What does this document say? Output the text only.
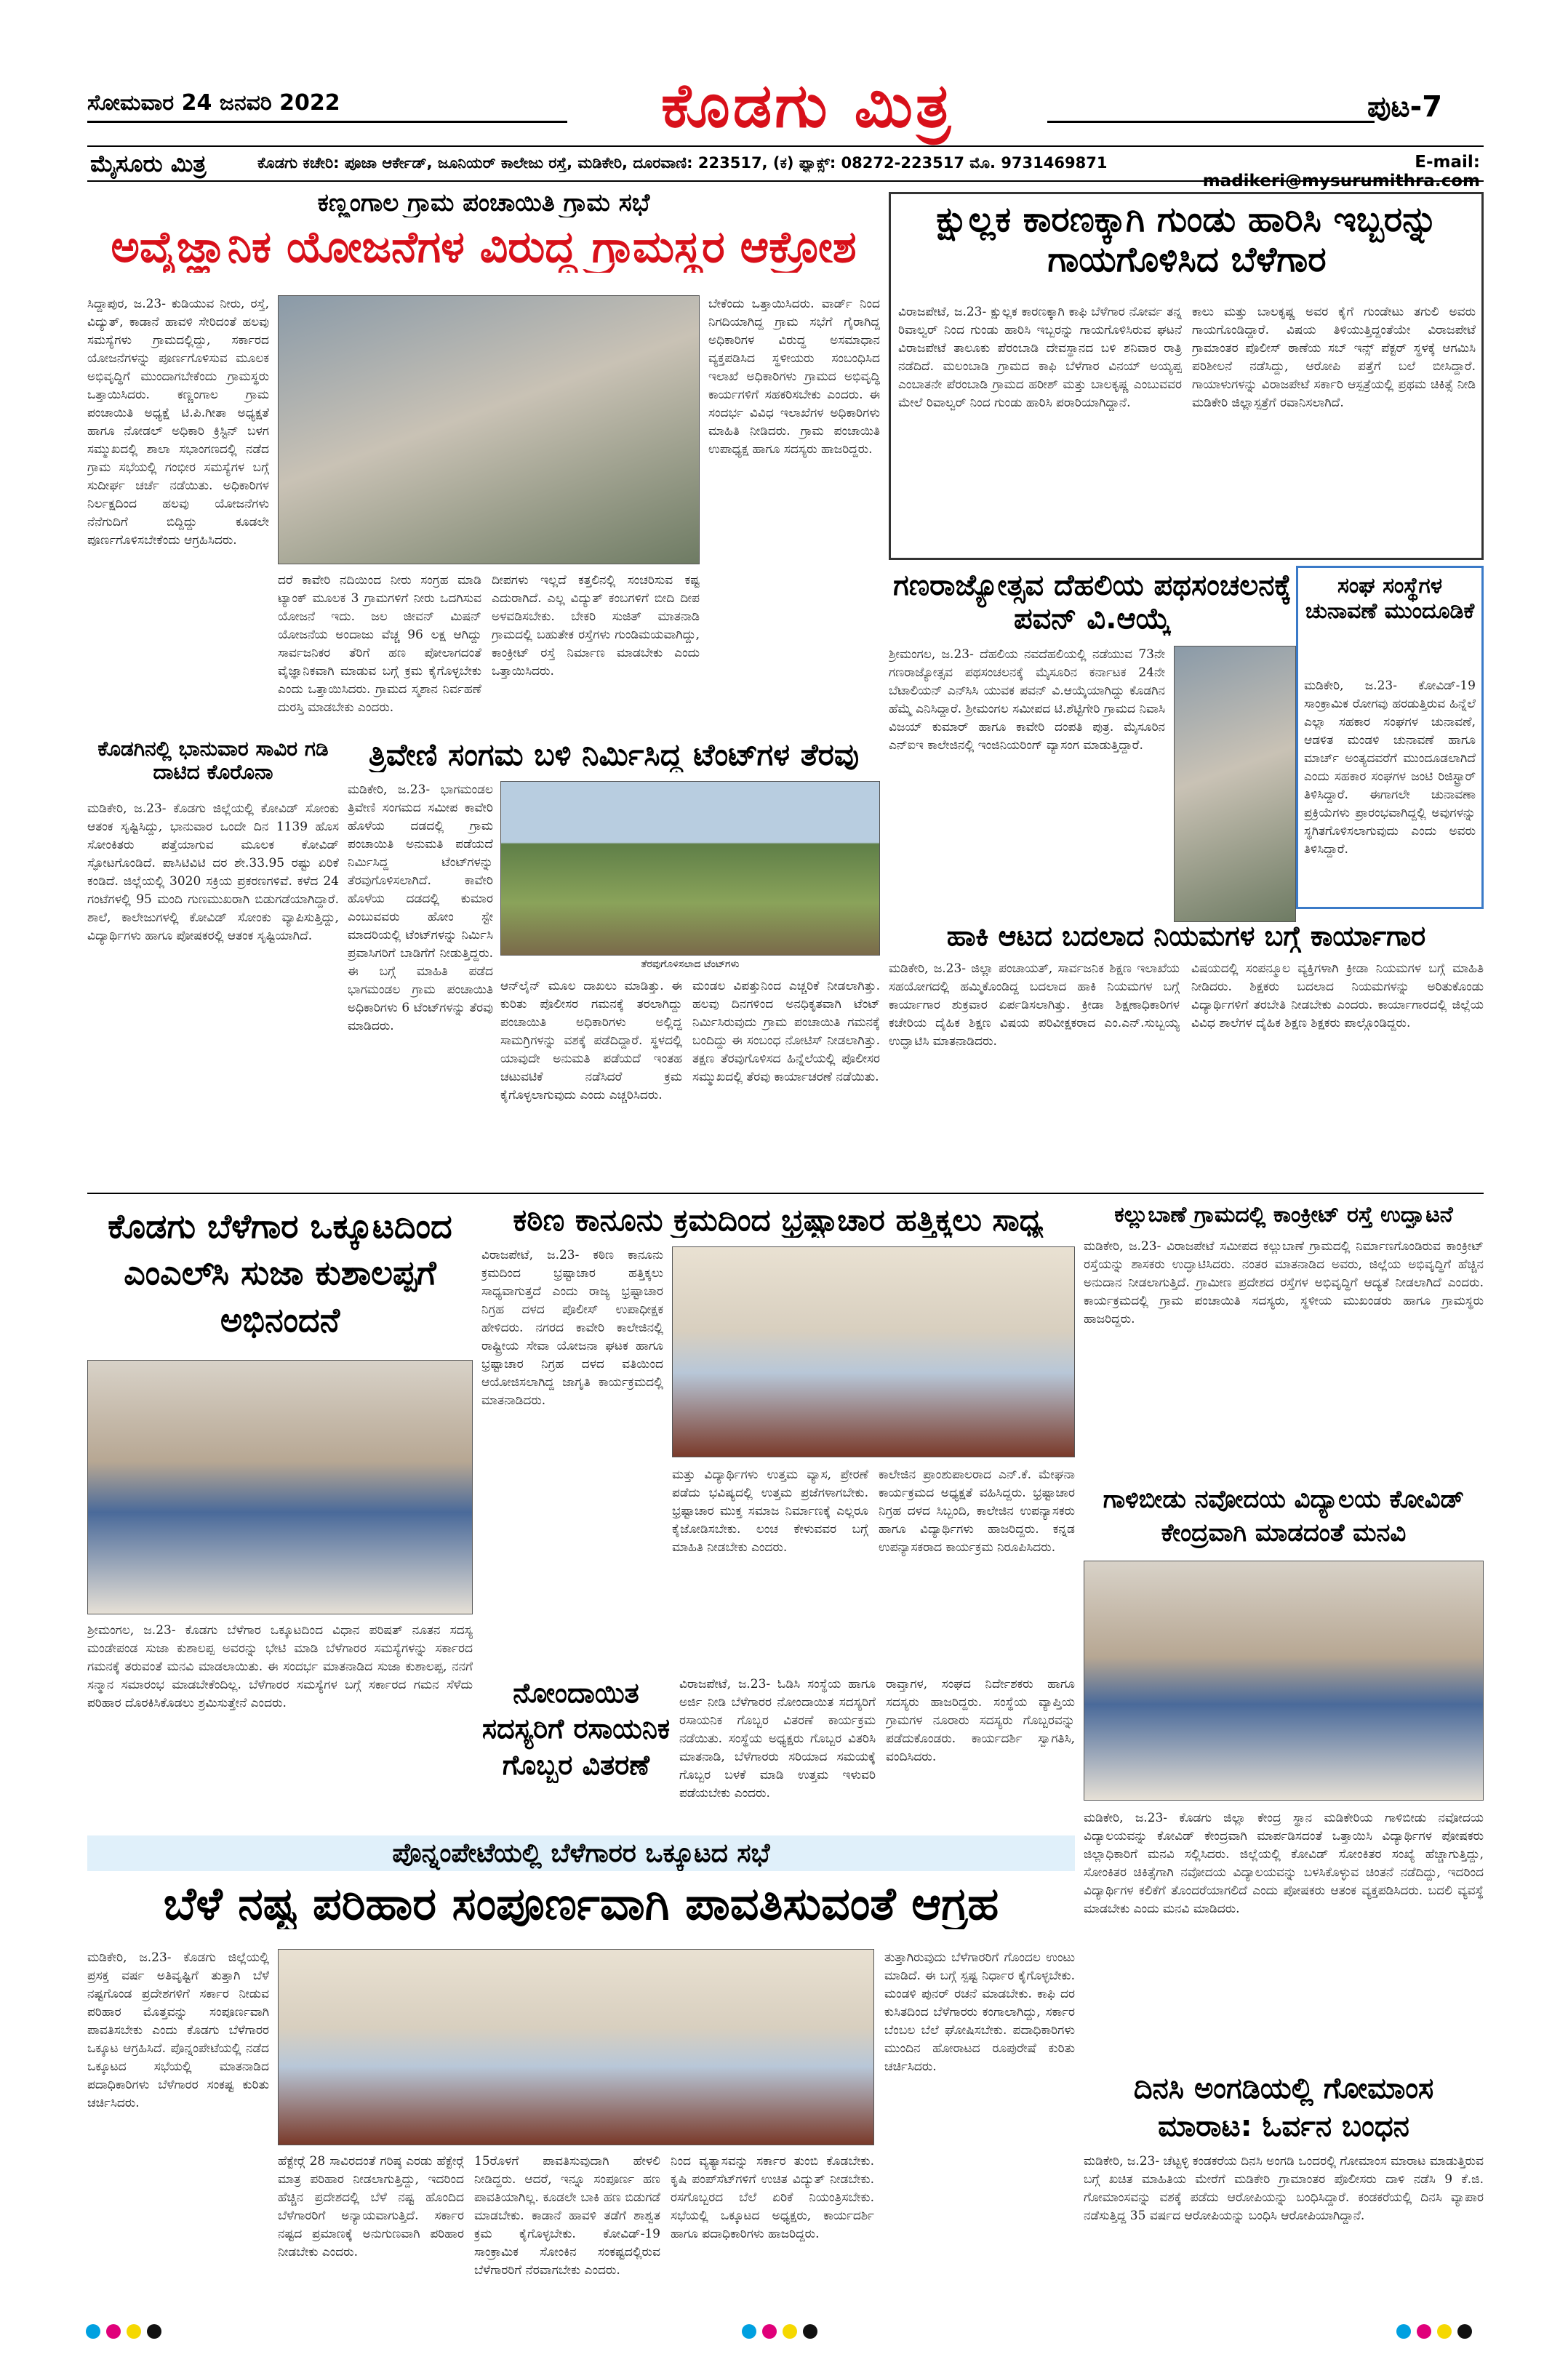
ಸೋಮವಾರ 24 ಜನವರಿ 2022	ಕೊಡಗು ಮಿತ್ರ	ಪುಟ-7
ಮೈಸೂರು ಮಿತ್ರ	ಕೊಡಗು ಕಚೇರಿ: ಪೂಜಾ ಆರ್ಕೇಡ್, ಜೂನಿಯರ್ ಕಾಲೇಜು ರಸ್ತೆ, ಮಡಿಕೇರಿ, ದೂರವಾಣಿ: 223517, (ಕ) ಫ್ಯಾಕ್ಸ್: 08272-223517 ಮೊ. 9731469871	E-mail: madikeri@mysurumithra.com
ಕಣ್ಣಂಗಾಲ ಗ್ರಾಮ ಪಂಚಾಯಿತಿ ಗ್ರಾಮ ಸಭೆ
ಅವೈಜ್ಞಾನಿಕ ಯೋಜನೆಗಳ ವಿರುದ್ಧ ಗ್ರಾಮಸ್ಥರ ಆಕ್ರೋಶ
ಸಿದ್ದಾಪುರ, ಜ.23- ಕುಡಿಯುವ ನೀರು, ರಸ್ತೆ, ವಿದ್ಯುತ್, ಕಾಡಾನೆ ಹಾವಳಿ ಸೇರಿದಂತೆ ಹಲವು ಸಮಸ್ಯೆಗಳು ಗ್ರಾಮದಲ್ಲಿದ್ದು, ಸರ್ಕಾರದ ಯೋಜನೆಗಳನ್ನು ಪೂರ್ಣಗೊಳಿಸುವ ಮೂಲಕ ಅಭಿವೃದ್ಧಿಗೆ ಮುಂದಾಗಬೇಕೆಂದು ಗ್ರಾಮಸ್ಥರು ಒತ್ತಾಯಿಸಿದರು. ಕಣ್ಣಂಗಾಲ ಗ್ರಾಮ ಪಂಚಾಯಿತಿ ಅಧ್ಯಕ್ಷೆ ಟಿ.ಪಿ.ಗೀತಾ ಅಧ್ಯಕ್ಷತೆ ಹಾಗೂ ನೋಡಲ್ ಅಧಿಕಾರಿ ಕ್ರಿಸ್ಟಿನ್ ಬಳಗ ಸಮ್ಮುಖದಲ್ಲಿ ಶಾಲಾ ಸಭಾಂಗಣದಲ್ಲಿ ನಡೆದ ಗ್ರಾಮ ಸಭೆಯಲ್ಲಿ ಗಂಭೀರ ಸಮಸ್ಯೆಗಳ ಬಗ್ಗೆ ಸುದೀರ್ಘ ಚರ್ಚೆ ನಡೆಯಿತು. ಅಧಿಕಾರಿಗಳ ನಿರ್ಲಕ್ಷದಿಂದ ಹಲವು ಯೋಜನೆಗಳು ನೆನೆಗುದಿಗೆ ಬಿದ್ದಿದ್ದು ಕೂಡಲೇ ಪೂರ್ಣಗೊಳಿಸಬೇಕೆಂದು ಆಗ್ರಹಿಸಿದರು.
ದರೆ ಕಾವೇರಿ ನದಿಯಿಂದ ನೀರು ಸಂಗ್ರಹ ಮಾಡಿ ಟ್ಯಾಂಕ್ ಮೂಲಕ 3 ಗ್ರಾಮಗಳಿಗೆ ನೀರು ಒದಗಿಸುವ ಯೋಜನೆ ಇದು. ಜಲ ಜೀವನ್ ಮಿಷನ್ ಯೋಜನೆಯ ಅಂದಾಜು ವೆಚ್ಚ 96 ಲಕ್ಷ ಆಗಿದ್ದು ಸಾರ್ವಜನಿಕರ ತೆರಿಗೆ ಹಣ ಪೋಲಾಗದಂತೆ ವೈಜ್ಞಾನಿಕವಾಗಿ ಮಾಡುವ ಬಗ್ಗೆ ಕ್ರಮ ಕೈಗೊಳ್ಳಬೇಕು ಎಂದು ಒತ್ತಾಯಿಸಿದರು. ಗ್ರಾಮದ ಸ್ಮಶಾನ ನಿರ್ವಹಣೆ ದುರಸ್ತಿ ಮಾಡಬೇಕು ಎಂದರು.
ದೀಪಗಳು ಇಲ್ಲದೆ ಕತ್ತಲಿನಲ್ಲಿ ಸಂಚರಿಸುವ ಕಷ್ಟ ಎದುರಾಗಿದೆ. ಎಲ್ಲ ವಿದ್ಯುತ್ ಕಂಬಗಳಿಗೆ ಬೀದಿ ದೀಪ ಅಳವಡಿಸಬೇಕು. ಬೇಕರಿ ಸುಜಿತ್ ಮಾತನಾಡಿ ಗ್ರಾಮದಲ್ಲಿ ಬಹುತೇಕ ರಸ್ತೆಗಳು ಗುಂಡಿಮಯವಾಗಿದ್ದು, ಕಾಂಕ್ರೀಟ್ ರಸ್ತೆ ನಿರ್ಮಾಣ ಮಾಡಬೇಕು ಎಂದು ಒತ್ತಾಯಿಸಿದರು.
ಬೇಕೆಂದು ಒತ್ತಾಯಿಸಿದರು. ವಾರ್ಡ್ ನಿಂದ ನಿಗದಿಯಾಗಿದ್ದ ಗ್ರಾಮ ಸಭೆಗೆ ಗೈರಾಗಿದ್ದ ಅಧಿಕಾರಿಗಳ ವಿರುದ್ಧ ಅಸಮಾಧಾನ ವ್ಯಕ್ತಪಡಿಸಿದ ಸ್ಥಳೀಯರು ಸಂಬಂಧಿಸಿದ ಇಲಾಖೆ ಅಧಿಕಾರಿಗಳು ಗ್ರಾಮದ ಅಭಿವೃದ್ಧಿ ಕಾರ್ಯಗಳಿಗೆ ಸಹಕರಿಸಬೇಕು ಎಂದರು. ಈ ಸಂದರ್ಭ ವಿವಿಧ ಇಲಾಖೆಗಳ ಅಧಿಕಾರಿಗಳು ಮಾಹಿತಿ ನೀಡಿದರು. ಗ್ರಾಮ ಪಂಚಾಯಿತಿ ಉಪಾಧ್ಯಕ್ಷ ಹಾಗೂ ಸದಸ್ಯರು ಹಾಜರಿದ್ದರು.
ಕ್ಷುಲ್ಲಕ ಕಾರಣಕ್ಕಾಗಿ ಗುಂಡು ಹಾರಿಸಿ ಇಬ್ಬರನ್ನು ಗಾಯಗೊಳಿಸಿದ ಬೆಳೆಗಾರ
ವಿರಾಜಪೇಟೆ, ಜ.23- ಕ್ಷುಲ್ಲಕ ಕಾರಣಕ್ಕಾಗಿ ಕಾಫಿ ಬೆಳೆಗಾರ ನೋರ್ವ ತನ್ನ ರಿವಾಲ್ವರ್ ನಿಂದ ಗುಂಡು ಹಾರಿಸಿ ಇಬ್ಬರನ್ನು ಗಾಯಗೊಳಿಸಿರುವ ಘಟನೆ ವಿರಾಜಪೇಟೆ ತಾಲೂಕು ಪೆರಂಬಾಡಿ ದೇವಸ್ಥಾನದ ಬಳಿ ಶನಿವಾರ ರಾತ್ರಿ ನಡೆದಿದೆ. ಮಲಂಬಾಡಿ ಗ್ರಾಮದ ಕಾಫಿ ಬೆಳೆಗಾರ ವಿನಯ್ ಅಯ್ಯಪ್ಪ ಎಂಬಾತನೇ ಪೆರಂಬಾಡಿ ಗ್ರಾಮದ ಹರೀಶ್ ಮತ್ತು ಬಾಲಕೃಷ್ಣ ಎಂಬುವವರ ಮೇಲೆ ರಿವಾಲ್ವರ್ ನಿಂದ ಗುಂಡು ಹಾರಿಸಿ ಪರಾರಿಯಾಗಿದ್ದಾನೆ.
ಕಾಲು ಮತ್ತು ಬಾಲಕೃಷ್ಣ ಅವರ ಕೈಗೆ ಗುಂಡೇಟು ತಗುಲಿ ಅವರು ಗಾಯಗೊಂಡಿದ್ದಾರೆ. ವಿಷಯ ತಿಳಿಯುತ್ತಿದ್ದಂತೆಯೇ ವಿರಾಜಪೇಟೆ ಗ್ರಾಮಾಂತರ ಪೊಲೀಸ್ ಠಾಣೆಯ ಸಬ್ ಇನ್ಸ್ ಪೆಕ್ಟರ್ ಸ್ಥಳಕ್ಕೆ ಆಗಮಿಸಿ ಪರಿಶೀಲನೆ ನಡೆಸಿದ್ದು, ಆರೋಪಿ ಪತ್ತೆಗೆ ಬಲೆ ಬೀಸಿದ್ದಾರೆ. ಗಾಯಾಳುಗಳನ್ನು ವಿರಾಜಪೇಟೆ ಸರ್ಕಾರಿ ಆಸ್ಪತ್ರೆಯಲ್ಲಿ ಪ್ರಥಮ ಚಿಕಿತ್ಸೆ ನೀಡಿ ಮಡಿಕೇರಿ ಜಿಲ್ಲಾಸ್ಪತ್ರೆಗೆ ರವಾನಿಸಲಾಗಿದೆ.
ಗಣರಾಜ್ಯೋತ್ಸವ ದೆಹಲಿಯ ಪಥಸಂಚಲನಕ್ಕೆ ಪವನ್ ವಿ.ಆಯ್ಕೆ
ಶ್ರೀಮಂಗಲ, ಜ.23- ದೆಹಲಿಯ ನವದೆಹಲಿಯಲ್ಲಿ ನಡೆಯುವ 73ನೇ ಗಣರಾಜ್ಯೋತ್ಸವ ಪಥಸಂಚಲನಕ್ಕೆ ಮೈಸೂರಿನ ಕರ್ನಾಟಕ 24ನೇ ಬೆಟಾಲಿಯನ್ ಎನ್‍ಸಿಸಿ ಯುವಕ ಪವನ್ ವಿ.ಆಯ್ಕೆಯಾಗಿದ್ದು ಕೊಡಗಿನ ಹೆಮ್ಮೆ ಎನಿಸಿದ್ದಾರೆ. ಶ್ರೀಮಂಗಲ ಸಮೀಪದ ಟಿ.ಶೆಟ್ಟಿಗೇರಿ ಗ್ರಾಮದ ನಿವಾಸಿ ವಿಜಯ್ ಕುಮಾರ್ ಹಾಗೂ ಕಾವೇರಿ ದಂಪತಿ ಪುತ್ರ. ಮೈಸೂರಿನ ಎನ್‍ಐಇ ಕಾಲೇಜಿನಲ್ಲಿ ಇಂಜಿನಿಯರಿಂಗ್ ವ್ಯಾಸಂಗ ಮಾಡುತ್ತಿದ್ದಾರೆ.
ಸಂಘ ಸಂಸ್ಥೆಗಳ ಚುನಾವಣೆ ಮುಂದೂಡಿಕೆ
ಮಡಿಕೇರಿ, ಜ.23- ಕೋವಿಡ್-19 ಸಾಂಕ್ರಾಮಿಕ ರೋಗವು ಹರಡುತ್ತಿರುವ ಹಿನ್ನೆಲೆ ಎಲ್ಲಾ ಸಹಕಾರ ಸಂಘಗಳ ಚುನಾವಣೆ, ಆಡಳಿತ ಮಂಡಳಿ ಚುನಾವಣೆ ಹಾಗೂ ಮಾರ್ಚ್ ಅಂತ್ಯದವರೆಗೆ ಮುಂದೂಡಲಾಗಿದೆ ಎಂದು ಸಹಕಾರ ಸಂಘಗಳ ಜಂಟಿ ರಿಜಿಸ್ಟ್ರಾರ್ ತಿಳಿಸಿದ್ದಾರೆ. ಈಗಾಗಲೇ ಚುನಾವಣಾ ಪ್ರಕ್ರಿಯೆಗಳು ಪ್ರಾರಂಭವಾಗಿದ್ದಲ್ಲಿ ಅವುಗಳನ್ನು ಸ್ಥಗಿತಗೊಳಿಸಲಾಗುವುದು ಎಂದು ಅವರು ತಿಳಿಸಿದ್ದಾರೆ.
ಕೊಡಗಿನಲ್ಲಿ ಭಾನುವಾರ ಸಾವಿರ ಗಡಿ ದಾಟಿದ ಕೊರೊನಾ
ಮಡಿಕೇರಿ, ಜ.23- ಕೊಡಗು ಜಿಲ್ಲೆಯಲ್ಲಿ ಕೋವಿಡ್ ಸೋಂಕು ಆತಂಕ ಸೃಷ್ಟಿಸಿದ್ದು, ಭಾನುವಾರ ಒಂದೇ ದಿನ 1139 ಹೊಸ ಸೋಂಕಿತರು ಪತ್ತೆಯಾಗುವ ಮೂಲಕ ಕೋವಿಡ್ ಸ್ಫೋಟಗೊಂಡಿದೆ. ಪಾಸಿಟಿವಿಟಿ ದರ ಶೇ.33.95 ರಷ್ಟು ಏರಿಕೆ ಕಂಡಿದೆ. ಜಿಲ್ಲೆಯಲ್ಲಿ 3020 ಸಕ್ರಿಯ ಪ್ರಕರಣಗಳಿವೆ. ಕಳೆದ 24 ಗಂಟೆಗಳಲ್ಲಿ 95 ಮಂದಿ ಗುಣಮುಖರಾಗಿ ಬಿಡುಗಡೆಯಾಗಿದ್ದಾರೆ. ಶಾಲೆ, ಕಾಲೇಜುಗಳಲ್ಲಿ ಕೋವಿಡ್ ಸೋಂಕು ವ್ಯಾಪಿಸುತ್ತಿದ್ದು, ವಿದ್ಯಾರ್ಥಿಗಳು ಹಾಗೂ ಪೋಷಕರಲ್ಲಿ ಆತಂಕ ಸೃಷ್ಟಿಯಾಗಿದೆ.
ತ್ರಿವೇಣಿ ಸಂಗಮ ಬಳಿ ನಿರ್ಮಿಸಿದ್ದ ಟೆಂಟ್‍ಗಳ ತೆರವು
ಮಡಿಕೇರಿ, ಜ.23- ಭಾಗಮಂಡಲ ತ್ರಿವೇಣಿ ಸಂಗಮದ ಸಮೀಪ ಕಾವೇರಿ ಹೊಳೆಯ ದಡದಲ್ಲಿ ಗ್ರಾಮ ಪಂಚಾಯಿತಿ ಅನುಮತಿ ಪಡೆಯದೆ ನಿರ್ಮಿಸಿದ್ದ ಟೆಂಟ್‍ಗಳನ್ನು ತೆರವುಗೊಳಿಸಲಾಗಿದೆ. ಕಾವೇರಿ ಹೊಳೆಯ ದಡದಲ್ಲಿ ಕುಮಾರ ಎಂಬುವವರು ಹೋಂ ಸ್ಟೇ ಮಾದರಿಯಲ್ಲಿ ಟೆಂಟ್‍ಗಳನ್ನು ನಿರ್ಮಿಸಿ ಪ್ರವಾಸಿಗರಿಗೆ ಬಾಡಿಗೆಗೆ ನೀಡುತ್ತಿದ್ದರು. ಈ ಬಗ್ಗೆ ಮಾಹಿತಿ ಪಡೆದ ಭಾಗಮಂಡಲ ಗ್ರಾಮ ಪಂಚಾಯಿತಿ ಅಧಿಕಾರಿಗಳು 6 ಟೆಂಟ್‍ಗಳನ್ನು ತೆರವು ಮಾಡಿದರು.
ತೆರವುಗೊಳಿಸಲಾದ ಟೆಂಟ್‍ಗಳು
ಆನ್‍ಲೈನ್ ಮೂಲ ದಾಖಲು ಮಾಡಿತ್ತು. ಈ ಕುರಿತು ಪೊಲೀಸರ ಗಮನಕ್ಕೆ ತರಲಾಗಿದ್ದು ಪಂಚಾಯಿತಿ ಅಧಿಕಾರಿಗಳು ಅಲ್ಲಿದ್ದ ಸಾಮಗ್ರಿಗಳನ್ನು ವಶಕ್ಕೆ ಪಡೆದಿದ್ದಾರೆ. ಸ್ಥಳದಲ್ಲಿ ಯಾವುದೇ ಅನುಮತಿ ಪಡೆಯದೆ ಇಂತಹ ಚಟುವಟಿಕೆ ನಡೆಸಿದರೆ ಕ್ರಮ ಕೈಗೊಳ್ಳಲಾಗುವುದು ಎಂದು ಎಚ್ಚರಿಸಿದರು.
ಮಂಡಲ ವಿಪತ್ತುನಿಂದ ಎಚ್ಚರಿಕೆ ನೀಡಲಾಗಿತ್ತು. ಹಲವು ದಿನಗಳಿಂದ ಅನಧಿಕೃತವಾಗಿ ಟೆಂಟ್ ನಿರ್ಮಿಸಿರುವುದು ಗ್ರಾಮ ಪಂಚಾಯಿತಿ ಗಮನಕ್ಕೆ ಬಂದಿದ್ದು ಈ ಸಂಬಂಧ ನೋಟಿಸ್ ನೀಡಲಾಗಿತ್ತು. ತಕ್ಷಣ ತೆರವುಗೊಳಿಸದ ಹಿನ್ನೆಲೆಯಲ್ಲಿ ಪೊಲೀಸರ ಸಮ್ಮುಖದಲ್ಲಿ ತೆರವು ಕಾರ್ಯಾಚರಣೆ ನಡೆಯಿತು.
ಹಾಕಿ ಆಟದ ಬದಲಾದ ನಿಯಮಗಳ ಬಗ್ಗೆ ಕಾರ್ಯಾಗಾರ
ಮಡಿಕೇರಿ, ಜ.23- ಜಿಲ್ಲಾ ಪಂಚಾಯತ್, ಸಾರ್ವಜನಿಕ ಶಿಕ್ಷಣ ಇಲಾಖೆಯ ಸಹಯೋಗದಲ್ಲಿ ಹಮ್ಮಿಕೊಂಡಿದ್ದ ಬದಲಾದ ಹಾಕಿ ನಿಯಮಗಳ ಬಗ್ಗೆ ಕಾರ್ಯಾಗಾರ ಶುಕ್ರವಾರ ಏರ್ಪಡಿಸಲಾಗಿತ್ತು. ಕ್ರೀಡಾ ಶಿಕ್ಷಣಾಧಿಕಾರಿಗಳ ಕಚೇರಿಯ ದೈಹಿಕ ಶಿಕ್ಷಣ ವಿಷಯ ಪರಿವೀಕ್ಷಕರಾದ ಎಂ.ಎನ್.ಸುಬ್ಬಯ್ಯ ಉದ್ಘಾಟಿಸಿ ಮಾತನಾಡಿದರು.
ವಿಷಯದಲ್ಲಿ ಸಂಪನ್ಮೂಲ ವ್ಯಕ್ತಿಗಳಾಗಿ ಕ್ರೀಡಾ ನಿಯಮಗಳ ಬಗ್ಗೆ ಮಾಹಿತಿ ನೀಡಿದರು. ಶಿಕ್ಷಕರು ಬದಲಾದ ನಿಯಮಗಳನ್ನು ಅರಿತುಕೊಂಡು ವಿದ್ಯಾರ್ಥಿಗಳಿಗೆ ತರಬೇತಿ ನೀಡಬೇಕು ಎಂದರು. ಕಾರ್ಯಾಗಾರದಲ್ಲಿ ಜಿಲ್ಲೆಯ ವಿವಿಧ ಶಾಲೆಗಳ ದೈಹಿಕ ಶಿಕ್ಷಣ ಶಿಕ್ಷಕರು ಪಾಲ್ಗೊಂಡಿದ್ದರು.
ಕೊಡಗು ಬೆಳೆಗಾರ ಒಕ್ಕೂಟದಿಂದ ಎಂಎಲ್‍ಸಿ ಸುಜಾ ಕುಶಾಲಪ್ಪಗೆ ಅಭಿನಂದನೆ
ಶ್ರೀಮಂಗಲ, ಜ.23- ಕೊಡಗು ಬೆಳೆಗಾರ ಒಕ್ಕೂಟದಿಂದ ವಿಧಾನ ಪರಿಷತ್ ನೂತನ ಸದಸ್ಯ ಮಂಡೇಪಂಡ ಸುಜಾ ಕುಶಾಲಪ್ಪ ಅವರನ್ನು ಭೇಟಿ ಮಾಡಿ ಬೆಳೆಗಾರರ ಸಮಸ್ಯೆಗಳನ್ನು ಸರ್ಕಾರದ ಗಮನಕ್ಕೆ ತರುವಂತೆ ಮನವಿ ಮಾಡಲಾಯಿತು. ಈ ಸಂದರ್ಭ ಮಾತನಾಡಿದ ಸುಜಾ ಕುಶಾಲಪ್ಪ, ನನಗೆ ಸನ್ಮಾನ ಸಮಾರಂಭ ಮಾಡಬೇಕೆಂದಿಲ್ಲ. ಬೆಳೆಗಾರರ ಸಮಸ್ಯೆಗಳ ಬಗ್ಗೆ ಸರ್ಕಾರದ ಗಮನ ಸೆಳೆದು ಪರಿಹಾರ ದೊರಕಿಸಿಕೊಡಲು ಶ್ರಮಿಸುತ್ತೇನೆ ಎಂದರು.
ಕಠಿಣ ಕಾನೂನು ಕ್ರಮದಿಂದ ಭ್ರಷ್ಟಾಚಾರ ಹತ್ತಿಕ್ಕಲು ಸಾಧ್ಯ
ವಿರಾಜಪೇಟೆ, ಜ.23- ಕಠಿಣ ಕಾನೂನು ಕ್ರಮದಿಂದ ಭ್ರಷ್ಟಾಚಾರ ಹತ್ತಿಕ್ಕಲು ಸಾಧ್ಯವಾಗುತ್ತದೆ ಎಂದು ರಾಜ್ಯ ಭ್ರಷ್ಟಾಚಾರ ನಿಗ್ರಹ ದಳದ ಪೊಲೀಸ್ ಉಪಾಧೀಕ್ಷಕ ಹೇಳಿದರು. ನಗರದ ಕಾವೇರಿ ಕಾಲೇಜಿನಲ್ಲಿ ರಾಷ್ಟ್ರೀಯ ಸೇವಾ ಯೋಜನಾ ಘಟಕ ಹಾಗೂ ಭ್ರಷ್ಟಾಚಾರ ನಿಗ್ರಹ ದಳದ ವತಿಯಿಂದ ಆಯೋಜಿಸಲಾಗಿದ್ದ ಜಾಗೃತಿ ಕಾರ್ಯಕ್ರಮದಲ್ಲಿ ಮಾತನಾಡಿದರು.
ಮತ್ತು ವಿದ್ಯಾರ್ಥಿಗಳು ಉತ್ತಮ ವ್ಯಾಸ, ಪ್ರೇರಣೆ ಪಡೆದು ಭವಿಷ್ಯದಲ್ಲಿ ಉತ್ತಮ ಪ್ರಜೆಗಳಾಗಬೇಕು. ಭ್ರಷ್ಟಾಚಾರ ಮುಕ್ತ ಸಮಾಜ ನಿರ್ಮಾಣಕ್ಕೆ ಎಲ್ಲರೂ ಕೈಜೋಡಿಸಬೇಕು. ಲಂಚ ಕೇಳುವವರ ಬಗ್ಗೆ ಮಾಹಿತಿ ನೀಡಬೇಕು ಎಂದರು.
ಕಾಲೇಜಿನ ಪ್ರಾಂಶುಪಾಲರಾದ ಎನ್.ಕೆ. ಮೇಘನಾ ಕಾರ್ಯಕ್ರಮದ ಅಧ್ಯಕ್ಷತೆ ವಹಿಸಿದ್ದರು. ಭ್ರಷ್ಟಾಚಾರ ನಿಗ್ರಹ ದಳದ ಸಿಬ್ಬಂದಿ, ಕಾಲೇಜಿನ ಉಪನ್ಯಾಸಕರು ಹಾಗೂ ವಿದ್ಯಾರ್ಥಿಗಳು ಹಾಜರಿದ್ದರು. ಕನ್ನಡ ಉಪನ್ಯಾಸಕರಾದ ಕಾರ್ಯಕ್ರಮ ನಿರೂಪಿಸಿದರು.
ಕಲ್ಲುಬಾಣೆ ಗ್ರಾಮದಲ್ಲಿ ಕಾಂಕ್ರೀಟ್ ರಸ್ತೆ ಉದ್ಘಾಟನೆ
ಮಡಿಕೇರಿ, ಜ.23- ವಿರಾಜಪೇಟೆ ಸಮೀಪದ ಕಲ್ಲುಬಾಣೆ ಗ್ರಾಮದಲ್ಲಿ ನಿರ್ಮಾಣಗೊಂಡಿರುವ ಕಾಂಕ್ರೀಟ್ ರಸ್ತೆಯನ್ನು ಶಾಸಕರು ಉದ್ಘಾಟಿಸಿದರು. ನಂತರ ಮಾತನಾಡಿದ ಅವರು, ಜಿಲ್ಲೆಯ ಅಭಿವೃದ್ಧಿಗೆ ಹೆಚ್ಚಿನ ಅನುದಾನ ನೀಡಲಾಗುತ್ತಿದೆ. ಗ್ರಾಮೀಣ ಪ್ರದೇಶದ ರಸ್ತೆಗಳ ಅಭಿವೃದ್ಧಿಗೆ ಆದ್ಯತೆ ನೀಡಲಾಗಿದೆ ಎಂದರು. ಕಾರ್ಯಕ್ರಮದಲ್ಲಿ ಗ್ರಾಮ ಪಂಚಾಯಿತಿ ಸದಸ್ಯರು, ಸ್ಥಳೀಯ ಮುಖಂಡರು ಹಾಗೂ ಗ್ರಾಮಸ್ಥರು ಹಾಜರಿದ್ದರು.
ಗಾಳಿಬೀಡು ನವೋದಯ ವಿದ್ಯಾಲಯ ಕೋವಿಡ್ ಕೇಂದ್ರವಾಗಿ ಮಾಡದಂತೆ ಮನವಿ
ಮಡಿಕೇರಿ, ಜ.23- ಕೊಡಗು ಜಿಲ್ಲಾ ಕೇಂದ್ರ ಸ್ಥಾನ ಮಡಿಕೇರಿಯ ಗಾಳಿಬೀಡು ನವೋದಯ ವಿದ್ಯಾಲಯವನ್ನು ಕೋವಿಡ್ ಕೇಂದ್ರವಾಗಿ ಮಾರ್ಪಡಿಸದಂತೆ ಒತ್ತಾಯಿಸಿ ವಿದ್ಯಾರ್ಥಿಗಳ ಪೋಷಕರು ಜಿಲ್ಲಾಧಿಕಾರಿಗೆ ಮನವಿ ಸಲ್ಲಿಸಿದರು. ಜಿಲ್ಲೆಯಲ್ಲಿ ಕೋವಿಡ್ ಸೋಂಕಿತರ ಸಂಖ್ಯೆ ಹೆಚ್ಚಾಗುತ್ತಿದ್ದು, ಸೋಂಕಿತರ ಚಿಕಿತ್ಸೆಗಾಗಿ ನವೋದಯ ವಿದ್ಯಾಲಯವನ್ನು ಬಳಸಿಕೊಳ್ಳುವ ಚಿಂತನೆ ನಡೆದಿದ್ದು, ಇದರಿಂದ ವಿದ್ಯಾರ್ಥಿಗಳ ಕಲಿಕೆಗೆ ತೊಂದರೆಯಾಗಲಿದೆ ಎಂದು ಪೋಷಕರು ಆತಂಕ ವ್ಯಕ್ತಪಡಿಸಿದರು. ಬದಲಿ ವ್ಯವಸ್ಥೆ ಮಾಡಬೇಕು ಎಂದು ಮನವಿ ಮಾಡಿದರು.
ನೋಂದಾಯಿತ ಸದಸ್ಯರಿಗೆ ರಸಾಯನಿಕ ಗೊಬ್ಬರ ವಿತರಣೆ
ವಿರಾಜಪೇಟೆ, ಜ.23- ಓಡಿಸಿ ಸಂಸ್ಥೆಯ ಹಾಗೂ ಅರ್ಜಿ ನೀಡಿ ಬೆಳೆಗಾರರ ನೋಂದಾಯಿತ ಸದಸ್ಯರಿಗೆ ರಸಾಯನಿಕ ಗೊಬ್ಬರ ವಿತರಣೆ ಕಾರ್ಯಕ್ರಮ ನಡೆಯಿತು. ಸಂಸ್ಥೆಯ ಅಧ್ಯಕ್ಷರು ಗೊಬ್ಬರ ವಿತರಿಸಿ ಮಾತನಾಡಿ, ಬೆಳೆಗಾರರು ಸರಿಯಾದ ಸಮಯಕ್ಕೆ ಗೊಬ್ಬರ ಬಳಕೆ ಮಾಡಿ ಉತ್ತಮ ಇಳುವರಿ ಪಡೆಯಬೇಕು ಎಂದರು.
ರಾವ್ತಾಗಳ, ಸಂಘದ ನಿರ್ದೇಶಕರು ಹಾಗೂ ಸದಸ್ಯರು ಹಾಜರಿದ್ದರು. ಸಂಸ್ಥೆಯ ವ್ಯಾಪ್ತಿಯ ಗ್ರಾಮಗಳ ನೂರಾರು ಸದಸ್ಯರು ಗೊಬ್ಬರವನ್ನು ಪಡೆದುಕೊಂಡರು. ಕಾರ್ಯದರ್ಶಿ ಸ್ವಾಗತಿಸಿ, ವಂದಿಸಿದರು.
ಪೊನ್ನಂಪೇಟೆಯಲ್ಲಿ ಬೆಳೆಗಾರರ ಒಕ್ಕೂಟದ ಸಭೆ
ಬೆಳೆ ನಷ್ಟ ಪರಿಹಾರ ಸಂಪೂರ್ಣವಾಗಿ ಪಾವತಿಸುವಂತೆ ಆಗ್ರಹ
ಮಡಿಕೇರಿ, ಜ.23- ಕೊಡಗು ಜಿಲ್ಲೆಯಲ್ಲಿ ಪ್ರಸಕ್ತ ವರ್ಷ ಅತಿವೃಷ್ಟಿಗೆ ತುತ್ತಾಗಿ ಬೆಳೆ ನಷ್ಟಗೊಂಡ ಪ್ರದೇಶಗಳಿಗೆ ಸರ್ಕಾರ ನೀಡುವ ಪರಿಹಾರ ಮೊತ್ತವನ್ನು ಸಂಪೂರ್ಣವಾಗಿ ಪಾವತಿಸಬೇಕು ಎಂದು ಕೊಡಗು ಬೆಳೆಗಾರರ ಒಕ್ಕೂಟ ಆಗ್ರಹಿಸಿದೆ. ಪೊನ್ನಂಪೇಟೆಯಲ್ಲಿ ನಡೆದ ಒಕ್ಕೂಟದ ಸಭೆಯಲ್ಲಿ ಮಾತನಾಡಿದ ಪದಾಧಿಕಾರಿಗಳು ಬೆಳೆಗಾರರ ಸಂಕಷ್ಟ ಕುರಿತು ಚರ್ಚಿಸಿದರು.
ಹೆಕ್ಟೇರ್‍ಗೆ 28 ಸಾವಿರದಂತೆ ಗರಿಷ್ಠ ಎರಡು ಹೆಕ್ಟೇರ್‍ಗೆ ಮಾತ್ರ ಪರಿಹಾರ ನೀಡಲಾಗುತ್ತಿದ್ದು, ಇದರಿಂದ ಹೆಚ್ಚಿನ ಪ್ರದೇಶದಲ್ಲಿ ಬೆಳೆ ನಷ್ಟ ಹೊಂದಿದ ಬೆಳೆಗಾರರಿಗೆ ಅನ್ಯಾಯವಾಗುತ್ತಿದೆ. ಸರ್ಕಾರ ನಷ್ಟದ ಪ್ರಮಾಣಕ್ಕೆ ಅನುಗುಣವಾಗಿ ಪರಿಹಾರ ನೀಡಬೇಕು ಎಂದರು.
15ರೊಳಗೆ ಪಾವತಿಸುವುದಾಗಿ ಹೇಳಲಿ ನೀಡಿದ್ದರು. ಆದರೆ, ಇನ್ನೂ ಸಂಪೂರ್ಣ ಹಣ ಪಾವತಿಯಾಗಿಲ್ಲ. ಕೂಡಲೇ ಬಾಕಿ ಹಣ ಬಿಡುಗಡೆ ಮಾಡಬೇಕು. ಕಾಡಾನೆ ಹಾವಳಿ ತಡೆಗೆ ಶಾಶ್ವತ ಕ್ರಮ ಕೈಗೊಳ್ಳಬೇಕು. ಕೋವಿಡ್-19 ಸಾಂಕ್ರಾಮಿಕ ಸೋಂಕಿನ ಸಂಕಷ್ಟದಲ್ಲಿರುವ ಬೆಳೆಗಾರರಿಗೆ ನೆರವಾಗಬೇಕು ಎಂದರು.
ನಿಂದ ವ್ಯತ್ಯಾಸವನ್ನು ಸರ್ಕಾರ ತುಂಬಿ ಕೊಡಬೇಕು. ಕೃಷಿ ಪಂಪ್‍ಸೆಟ್‍ಗಳಿಗೆ ಉಚಿತ ವಿದ್ಯುತ್ ನೀಡಬೇಕು. ರಸಗೊಬ್ಬರದ ಬೆಲೆ ಏರಿಕೆ ನಿಯಂತ್ರಿಸಬೇಕು. ಸಭೆಯಲ್ಲಿ ಒಕ್ಕೂಟದ ಅಧ್ಯಕ್ಷರು, ಕಾರ್ಯದರ್ಶಿ ಹಾಗೂ ಪದಾಧಿಕಾರಿಗಳು ಹಾಜರಿದ್ದರು.
ತುತ್ತಾಗಿರುವುದು ಬೆಳೆಗಾರರಿಗೆ ಗೊಂದಲ ಉಂಟು ಮಾಡಿದೆ. ಈ ಬಗ್ಗೆ ಸ್ಪಷ್ಟ ನಿರ್ಧಾರ ಕೈಗೊಳ್ಳಬೇಕು. ಮಂಡಳಿ ಪುನರ್ ರಚನೆ ಮಾಡಬೇಕು. ಕಾಫಿ ದರ ಕುಸಿತದಿಂದ ಬೆಳೆಗಾರರು ಕಂಗಾಲಾಗಿದ್ದು, ಸರ್ಕಾರ ಬೆಂಬಲ ಬೆಲೆ ಘೋಷಿಸಬೇಕು. ಪದಾಧಿಕಾರಿಗಳು ಮುಂದಿನ ಹೋರಾಟದ ರೂಪುರೇಷೆ ಕುರಿತು ಚರ್ಚಿಸಿದರು.
ದಿನಸಿ ಅಂಗಡಿಯಲ್ಲಿ ಗೋಮಾಂಸ ಮಾರಾಟ: ಓರ್ವನ ಬಂಧನ
ಮಡಿಕೇರಿ, ಜ.23- ಚೆಟ್ಟಳ್ಳಿ ಕಂಡಕರೆಯ ದಿನಸಿ ಅಂಗಡಿ ಒಂದರಲ್ಲಿ ಗೋಮಾಂಸ ಮಾರಾಟ ಮಾಡುತ್ತಿರುವ ಬಗ್ಗೆ ಖಚಿತ ಮಾಹಿತಿಯ ಮೇರೆಗೆ ಮಡಿಕೇರಿ ಗ್ರಾಮಾಂತರ ಪೊಲೀಸರು ದಾಳಿ ನಡೆಸಿ 9 ಕೆ.ಜಿ. ಗೋಮಾಂಸವನ್ನು ವಶಕ್ಕೆ ಪಡೆದು ಆರೋಪಿಯನ್ನು ಬಂಧಿಸಿದ್ದಾರೆ. ಕಂಡಕರೆಯಲ್ಲಿ ದಿನಸಿ ವ್ಯಾಪಾರ ನಡೆಸುತ್ತಿದ್ದ 35 ವರ್ಷದ ಆರೋಪಿಯನ್ನು ಬಂಧಿಸಿ ಆರೋಪಿಯಾಗಿದ್ದಾನೆ.
